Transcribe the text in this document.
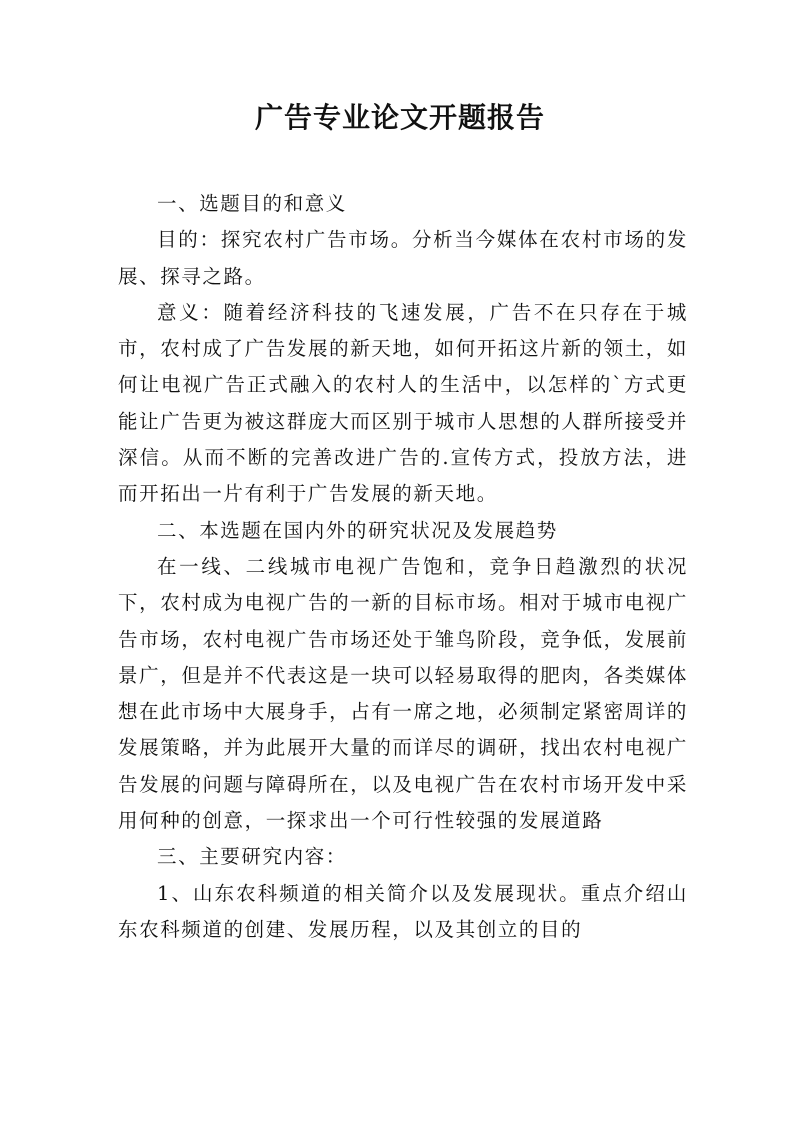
广告专业论文开题报告

一、选题目的和意义

目的：探究农村广告市场。分析当今媒体在农村市场的发展、探寻之路。

意义：随着经济科技的飞速发展，广告不在只存在于城市，农村成了广告发展的新天地，如何开拓这片新的领土，如何让电视广告正式融入的农村人的生活中，以怎样的`方式更能让广告更为被这群庞大而区别于城市人思想的人群所接受并深信。从而不断的完善改进广告的.宣传方式，投放方法，进而开拓出一片有利于广告发展的新天地。

二、本选题在国内外的研究状况及发展趋势

在一线、二线城市电视广告饱和，竞争日趋激烈的状况下，农村成为电视广告的一新的目标市场。相对于城市电视广告市场，农村电视广告市场还处于雏鸟阶段，竞争低，发展前景广，但是并不代表这是一块可以轻易取得的肥肉，各类媒体想在此市场中大展身手，占有一席之地，必须制定紧密周详的发展策略，并为此展开大量的而详尽的调研，找出农村电视广告发展的问题与障碍所在，以及电视广告在农村市场开发中采用何种的创意，一探求出一个可行性较强的发展道路

三、主要研究内容：

1、山东农科频道的相关简介以及发展现状。重点介绍山东农科频道的创建、发展历程，以及其创立的目的
